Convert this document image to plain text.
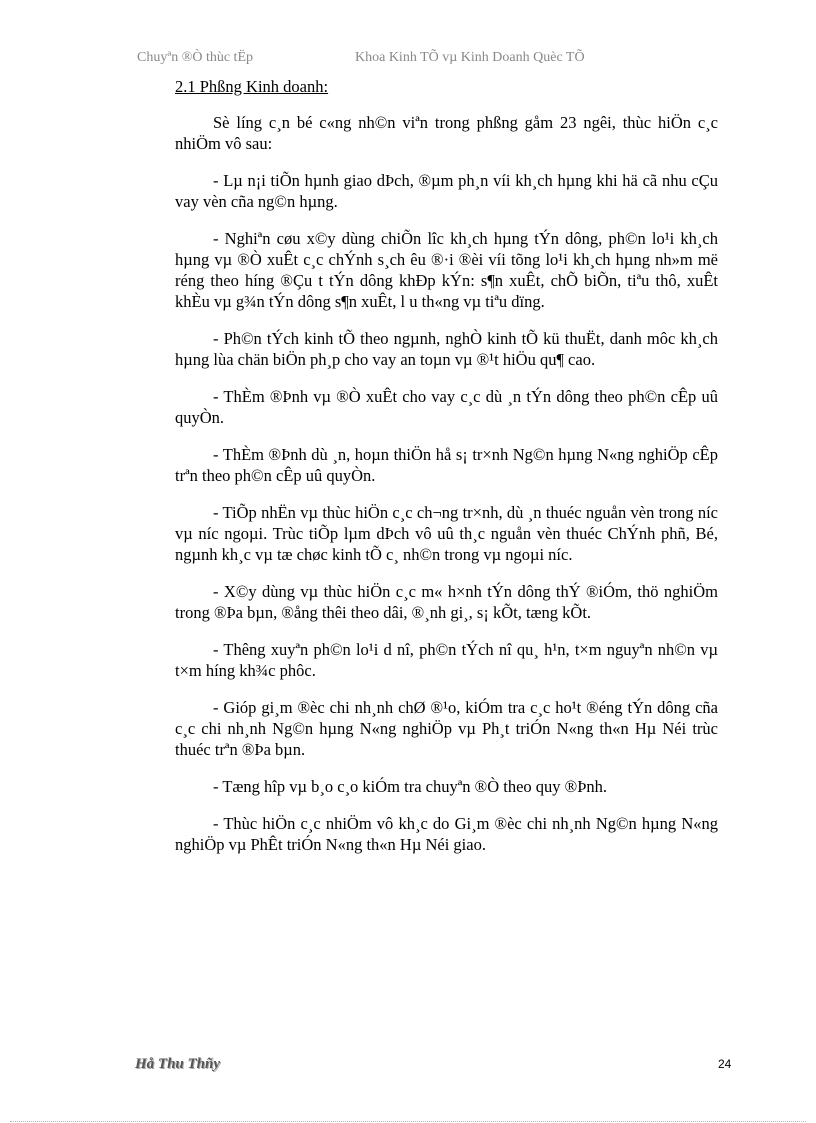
Chuyªn ®Ò thùc tËp	Khoa Kinh TÕ vµ Kinh Doanh Quèc TÕ
2.1 Phßng Kinh doanh:

Sè líng c¸n bé c«ng nh©n viªn trong phßng gåm 23 ngêi, thùc hiÖn c¸c nhiÖm vô sau:

- Lµ n¡i tiÕn hµnh giao dÞch, ®µm ph¸n víi kh¸ch hµng khi hä cã nhu cÇu vay vèn cña ng©n hµng.

- Nghiªn cøu x©y dùng chiÕn lîc kh¸ch hµng tÝn dông, ph©n lo¹i kh¸ch hµng vµ ®Ò xuÊt c¸c chÝnh s¸ch êu ®·i ®èi víi tõng lo¹i kh¸ch hµng nh»m më réng theo híng ®Çu t tÝn dông khÐp kÝn: s¶n xuÊt, chÕ biÕn, tiªu thô, xuÊt khÈu vµ g¾n tÝn dông s¶n xuÊt, l u th«ng vµ tiªu dïng.

- Ph©n tÝch kinh tÕ theo ngµnh, nghÒ kinh tÕ kü thuËt, danh môc kh¸ch hµng lùa chän biÖn ph¸p cho vay an toµn vµ ®¹t hiÖu qu¶ cao.

- ThÈm ®Þnh vµ ®Ò xuÊt cho vay c¸c dù ¸n tÝn dông theo ph©n cÊp uû quyÒn.

- ThÈm ®Þnh dù ¸n, hoµn thiÖn hå s¡ tr×nh Ng©n hµng N«ng nghiÖp cÊp trªn theo ph©n cÊp uû quyÒn.

- TiÕp nhËn vµ thùc hiÖn c¸c ch¬ng tr×nh, dù ¸n thuéc nguån vèn trong níc vµ níc ngoµi. Trùc tiÕp lµm dÞch vô uû th¸c nguån vèn thuéc ChÝnh phñ, Bé, ngµnh kh¸c vµ tæ chøc kinh tÕ c¸ nh©n trong vµ ngoµi níc.

- X©y dùng vµ thùc hiÖn c¸c m« h×nh tÝn dông thÝ ®iÓm, thö nghiÖm trong ®Þa bµn, ®ång thêi theo dâi, ®¸nh gi¸, s¡ kÕt, tæng kÕt.

- Thêng xuyªn ph©n lo¹i d nî, ph©n tÝch nî qu¸ h¹n, t×m nguyªn nh©n vµ t×m híng kh¾c phôc.

- Gióp gi¸m ®èc chi nh¸nh chØ ®¹o, kiÓm tra c¸c ho¹t ®éng tÝn dông cña c¸c chi nh¸nh Ng©n hµng N«ng nghiÖp vµ Ph¸t triÓn N«ng th«n Hµ Néi trùc thuéc trªn ®Þa bµn.

- Tæng hîp vµ b¸o c¸o kiÓm tra chuyªn ®Ò theo quy ®Þnh.

- Thùc hiÖn c¸c nhiÖm vô kh¸c do Gi¸m ®èc chi nh¸nh Ng©n hµng N«ng nghiÖp vµ PhÊt triÓn N«ng th«n Hµ Néi giao.

Hå Thu Thñy	24
